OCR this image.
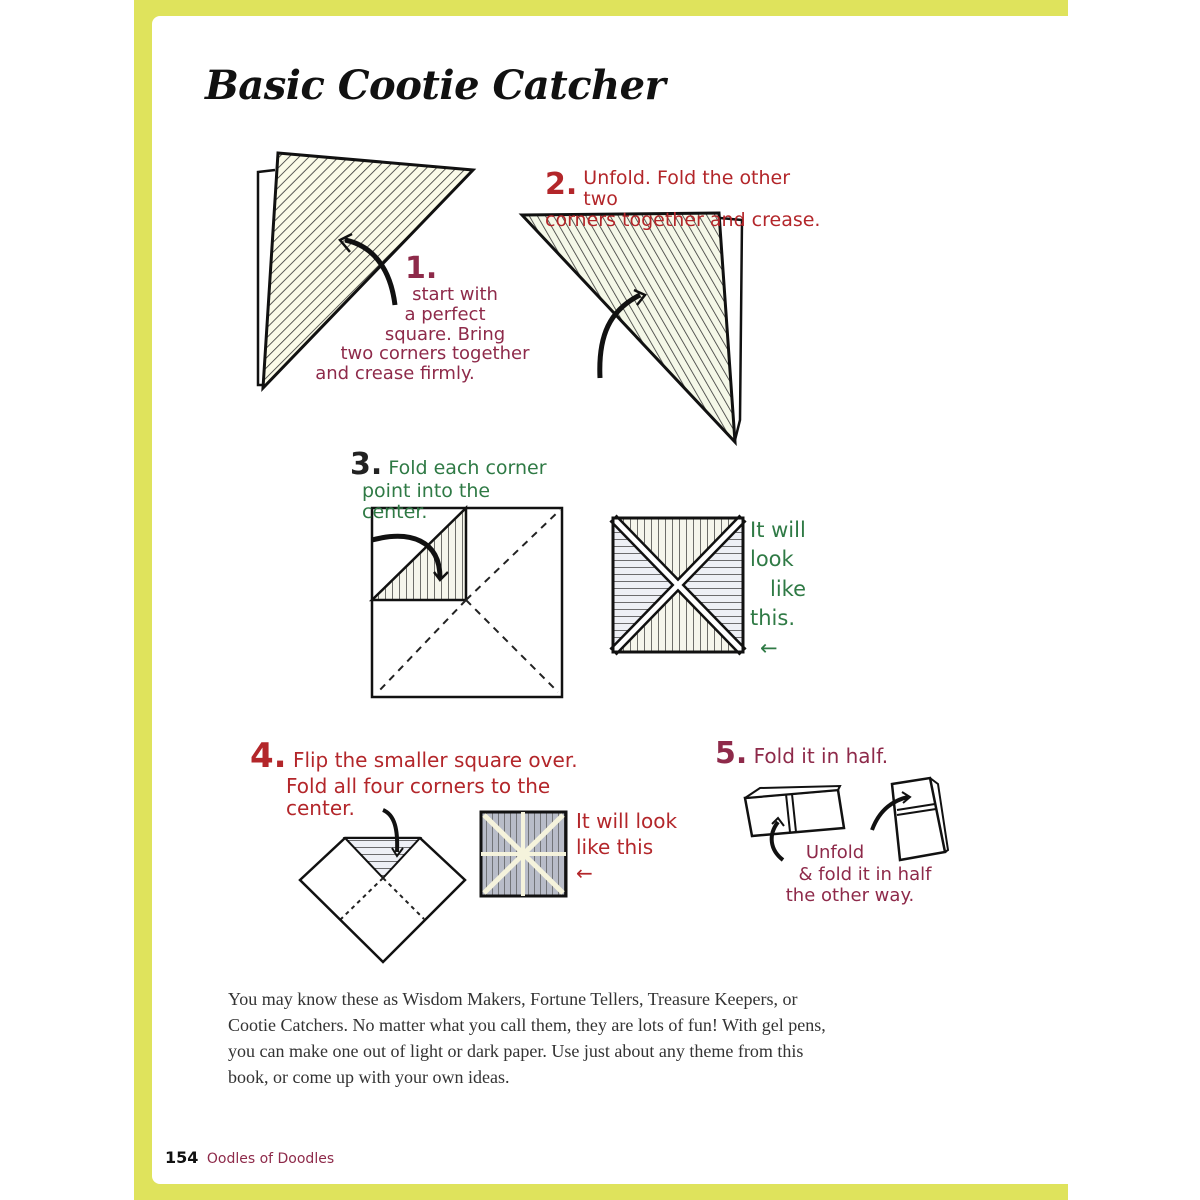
Basic Cootie Catcher
1.
start with
a perfect
square. Bring
two corners together
and crease firmly.
2. Unfold. Fold the other two
corners together and crease.
3. Fold each corner
point into the
center.
It will
look
like
this.
←
4. Flip the smaller square over.
Fold all four corners to the
center.
It will look
like this
←
5. Fold it in half.
Unfold
& fold it in half
the other way.

You may know these as Wisdom Makers, Fortune Tellers, Treasure Keepers, or Cootie Catchers. No matter what you call them, they are lots of fun! With gel pens, you can make one out of light or dark paper. Use just about any theme from this book, or come up with your own ideas.

154 Oodles of Doodles
